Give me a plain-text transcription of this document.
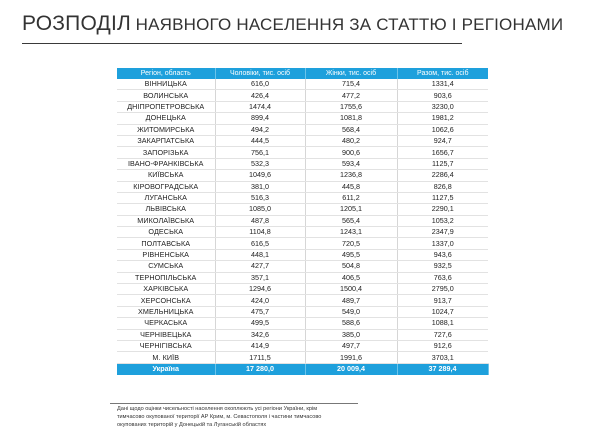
РОЗПОДІЛ НАЯВНОГО НАСЕЛЕННЯ ЗА СТАТТЮ І РЕГІОНАМИ
Регіон, область	Чоловіки, тис. осіб	Жінки, тис. осіб	Разом, тис. осіб
ВІННИЦЬКА	616,0	715,4	1331,4
ВОЛИНСЬКА	426,4	477,2	903,6
ДНІПРОПЕТРОВСЬКА	1474,4	1755,6	3230,0
ДОНЕЦЬКА	899,4	1081,8	1981,2
ЖИТОМИРСЬКА	494,2	568,4	1062,6
ЗАКАРПАТСЬКА	444,5	480,2	924,7
ЗАПОРІЗЬКА	756,1	900,6	1656,7
ІВАНО-ФРАНКІВСЬКА	532,3	593,4	1125,7
КИЇВСЬКА	1049,6	1236,8	2286,4
КІРОВОГРАДСЬКА	381,0	445,8	826,8
ЛУГАНСЬКА	516,3	611,2	1127,5
ЛЬВІВСЬКА	1085,0	1205,1	2290,1
МИКОЛАЇВСЬКА	487,8	565,4	1053,2
ОДЕСЬКА	1104,8	1243,1	2347,9
ПОЛТАВСЬКА	616,5	720,5	1337,0
РІВНЕНСЬКА	448,1	495,5	943,6
СУМСЬКА	427,7	504,8	932,5
ТЕРНОПІЛЬСЬКА	357,1	406,5	763,6
ХАРКІВСЬКА	1294,6	1500,4	2795,0
ХЕРСОНСЬКА	424,0	489,7	913,7
ХМЕЛЬНИЦЬКА	475,7	549,0	1024,7
ЧЕРКАСЬКА	499,5	588,6	1088,1
ЧЕРНІВЕЦЬКА	342,6	385,0	727,6
ЧЕРНІГІВСЬКА	414,9	497,7	912,6
М. КИЇВ	1711,5	1991,6	3703,1
Україна	17 280,0	20 009,4	37 289,4
Дані щодо оцінки чисельності населення охоплюють усі регіони України, крім
тимчасово окупованої території АР Крим, м. Севастополя і частини тимчасово
окупованих територій у Донецькій та Луганській областях
